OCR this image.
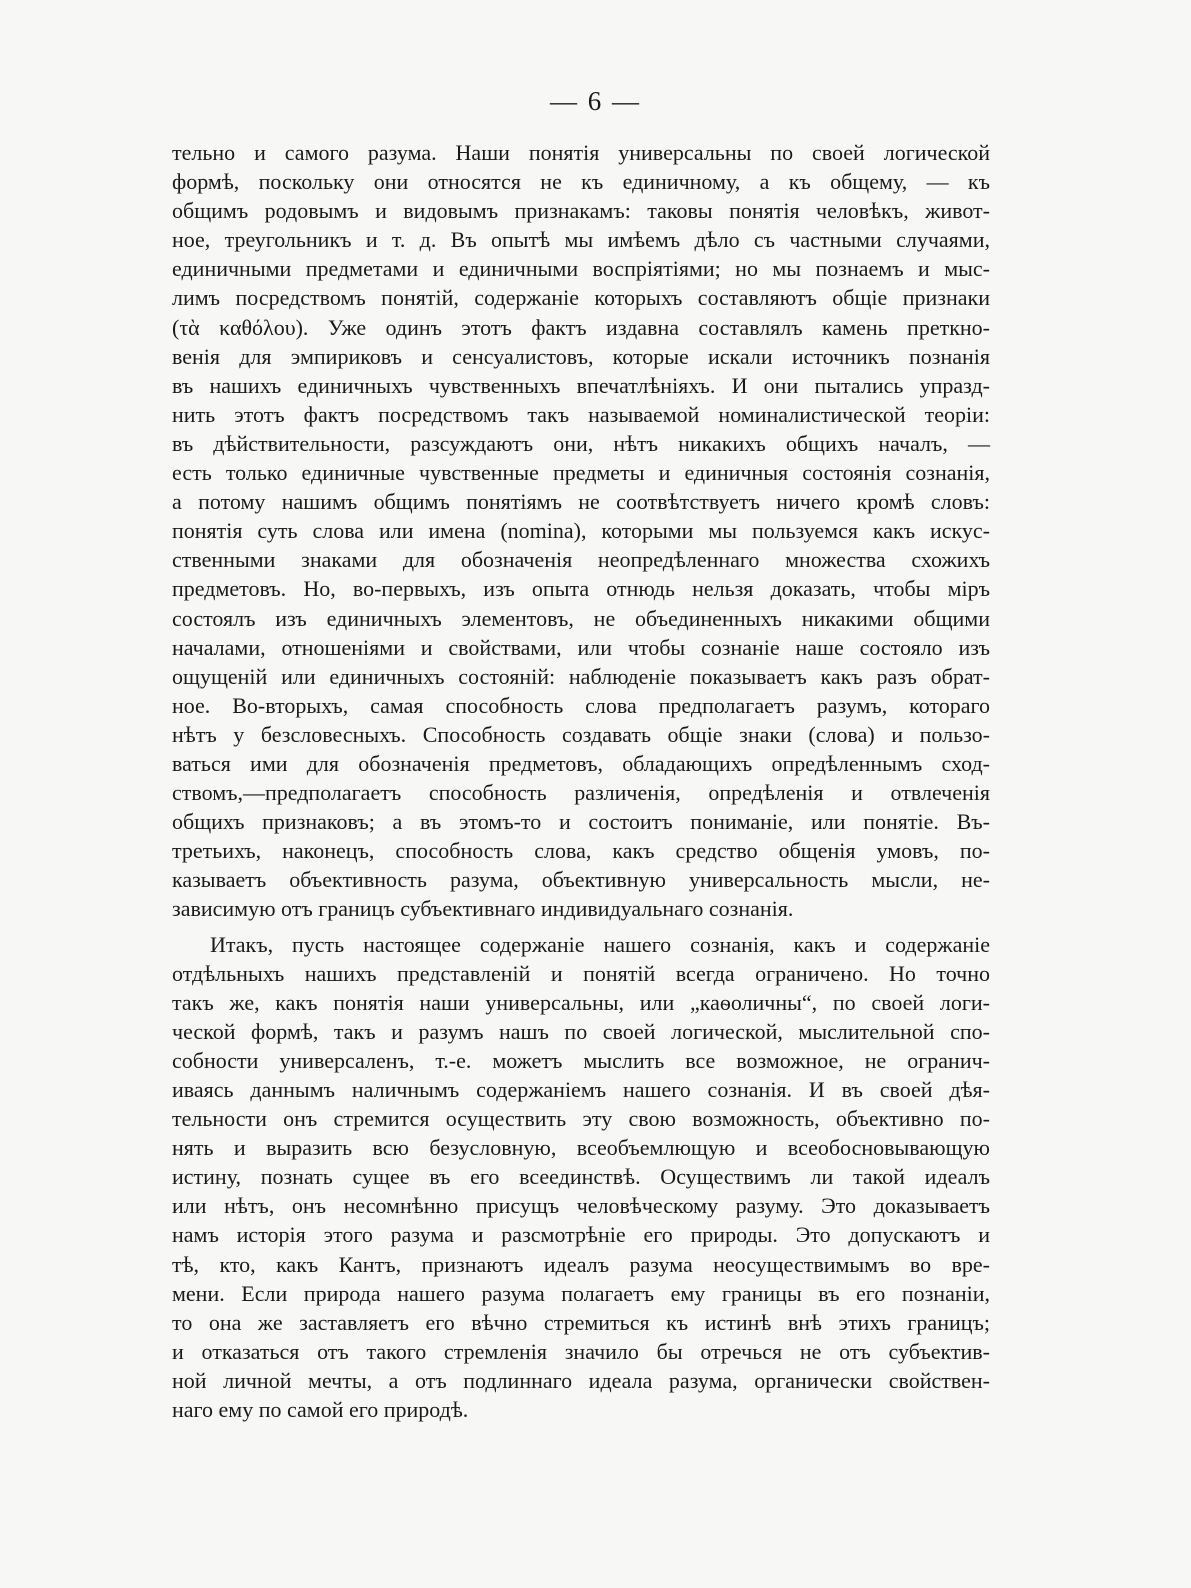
— 6 —
тельно и самого разума. Наши понятія универсальны по своей логической
формѣ, поскольку они относятся не къ единичному, а къ общему, — къ
общимъ родовымъ и видовымъ признакамъ: таковы понятія человѣкъ, живот-
ное, треугольникъ и т. д. Въ опытѣ мы имѣемъ дѣло съ частными случаями,
единичными предметами и единичными воспріятіями; но мы познаемъ и мыс-
лимъ посредствомъ понятій, содержаніе которыхъ составляютъ общіе признаки
(τὰ καθόλου). Уже одинъ этотъ фактъ издавна составлялъ камень преткно-
венія для эмпириковъ и сенсуалистовъ, которые искали источникъ познанія
въ нашихъ единичныхъ чувственныхъ впечатлѣніяхъ. И они пытались упразд-
нить этотъ фактъ посредствомъ такъ называемой номиналистической теоріи:
въ дѣйствительности, разсуждаютъ они, нѣтъ никакихъ общихъ началъ, —
есть только единичные чувственные предметы и единичныя состоянія сознанія,
а потому нашимъ общимъ понятіямъ не соотвѣтствуетъ ничего кромѣ словъ:
понятія суть слова или имена (nomina), которыми мы пользуемся какъ искус-
ственными знаками для обозначенія неопредѣленнаго множества схожихъ
предметовъ. Но, во-первыхъ, изъ опыта отнюдь нельзя доказать, чтобы міръ
состоялъ изъ единичныхъ элементовъ, не объединенныхъ никакими общими
началами, отношеніями и свойствами, или чтобы сознаніе наше состояло изъ
ощущеній или единичныхъ состояній: наблюденіе показываетъ какъ разъ обрат-
ное. Во-вторыхъ, самая способность слова предполагаетъ разумъ, котораго
нѣтъ у безсловесныхъ. Способность создавать общіе знаки (слова) и пользо-
ваться ими для обозначенія предметовъ, обладающихъ опредѣленнымъ сход-
ствомъ,—предполагаетъ способность различенія, опредѣленія и отвлеченія
общихъ признаковъ; а въ этомъ-то и состоитъ пониманіе, или понятіе. Въ-
третьихъ, наконецъ, способность слова, какъ средство общенія умовъ, по-
казываетъ объективность разума, объективную универсальность мысли, не-
зависимую отъ границъ субъективнаго индивидуальнаго сознанія.
Итакъ, пусть настоящее содержаніе нашего сознанія, какъ и содержаніе
отдѣльныхъ нашихъ представленій и понятій всегда ограничено. Но точно
такъ же, какъ понятія наши универсальны, или „каѳоличны“, по своей логи-
ческой формѣ, такъ и разумъ нашъ по своей логической, мыслительной спо-
собности универсаленъ, т.-е. можетъ мыслить все возможное, не огранич-
иваясь даннымъ наличнымъ содержаніемъ нашего сознанія. И въ своей дѣя-
тельности онъ стремится осуществить эту свою возможность, объективно по-
нять и выразить всю безусловную, всеобъемлющую и всеобосновывающую
истину, познать сущее въ его всеединствѣ. Осуществимъ ли такой идеалъ
или нѣтъ, онъ несомнѣнно присущъ человѣческому разуму. Это доказываетъ
намъ исторія этого разума и разсмотрѣніе его природы. Это допускаютъ и
тѣ, кто, какъ Кантъ, признаютъ идеалъ разума неосуществимымъ во вре-
мени. Если природа нашего разума полагаетъ ему границы въ его познаніи,
то она же заставляетъ его вѣчно стремиться къ истинѣ внѣ этихъ границъ;
и отказаться отъ такого стремленія значило бы отречься не отъ субъектив-
ной личной мечты, а отъ подлиннаго идеала разума, органически свойствен-
наго ему по самой его природѣ.
